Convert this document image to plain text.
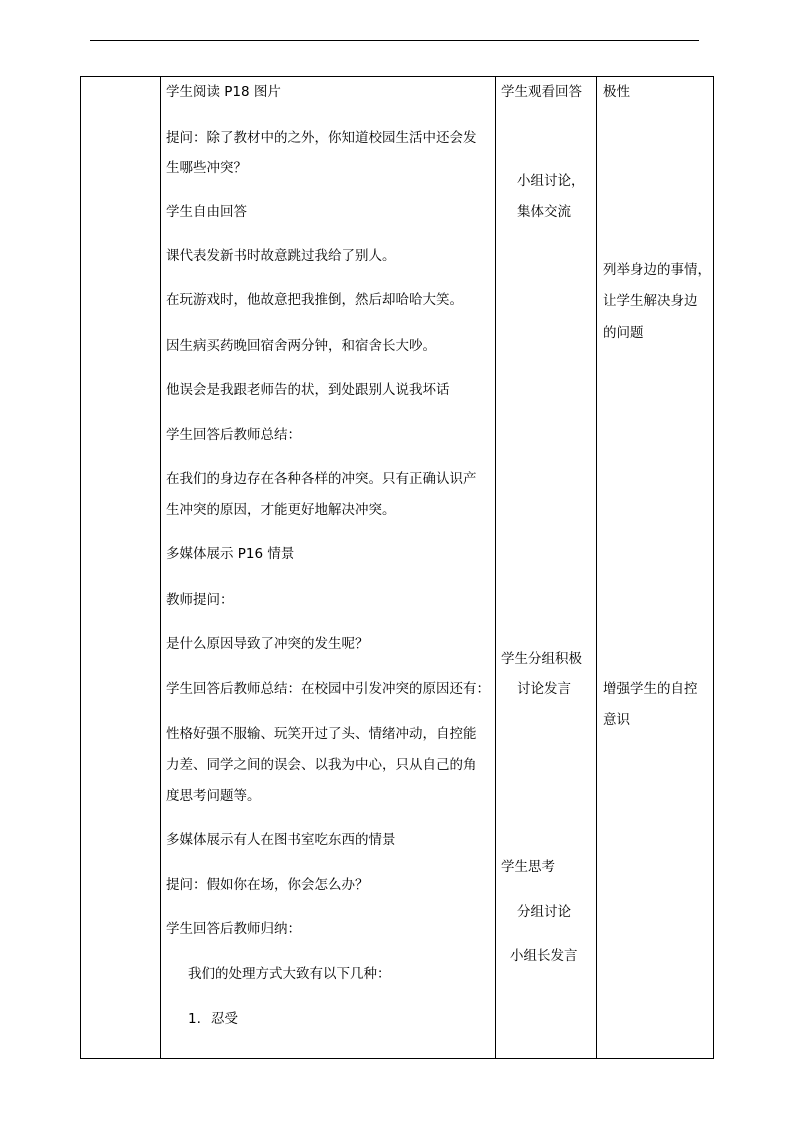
学生阅读 P18 图片
提问：除了教材中的之外，你知道校园生活中还会发
生哪些冲突？
学生自由回答
课代表发新书时故意跳过我给了别人。
在玩游戏时，他故意把我推倒，然后却哈哈大笑。
因生病买药晚回宿舍两分钟，和宿舍长大吵。
他误会是我跟老师告的状，到处跟别人说我坏话
学生回答后教师总结：
在我们的身边存在各种各样的冲突。只有正确认识产
生冲突的原因，才能更好地解决冲突。
多媒体展示 P16 情景
教师提问：
是什么原因导致了冲突的发生呢？
学生回答后教师总结：在校园中引发冲突的原因还有：
性格好强不服输、玩笑开过了头、情绪冲动，自控能
力差、同学之间的误会、以我为中心，只从自己的角
度思考问题等。
多媒体展示有人在图书室吃东西的情景
提问：假如你在场，你会怎么办？
学生回答后教师归纳：
我们的处理方式大致有以下几种：
1. 忍受
学生观看回答
小组讨论，
集体交流
学生分组积极
讨论发言
学生思考
分组讨论
小组长发言
极性
列举身边的事情，
让学生解决身边
的问题
增强学生的自控
意识
